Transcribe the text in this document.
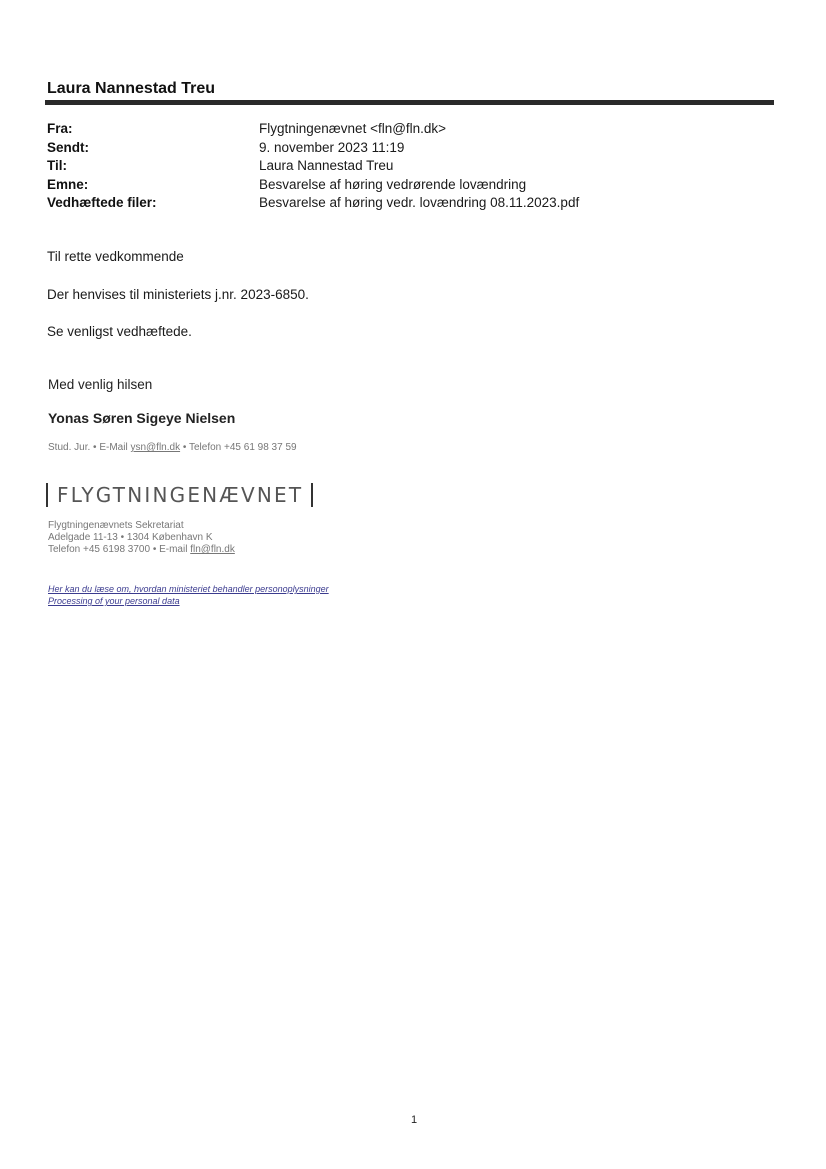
Laura Nannestad Treu
Fra:	Flygtningenævnet <fln@fln.dk>
Sendt:	9. november 2023 11:19
Til:	Laura Nannestad Treu
Emne:	Besvarelse af høring vedrørende lovændring
Vedhæftede filer:	Besvarelse af høring vedr. lovændring 08.11.2023.pdf
Til rette vedkommende
Der henvises til ministeriets j.nr. 2023-6850.
Se venligst vedhæftede.
Med venlig hilsen
Yonas Søren Sigeye Nielsen
Stud. Jur. • E-Mail ysn@fln.dk • Telefon +45 61 98 37 59
FLYGTNINGENÆVNET
Flygtningenævnets Sekretariat
Adelgade 11-13 • 1304 København K
Telefon +45 6198 3700 • E-mail fln@fln.dk
Her kan du læse om, hvordan ministeriet behandler personoplysninger
Processing of your personal data
1
